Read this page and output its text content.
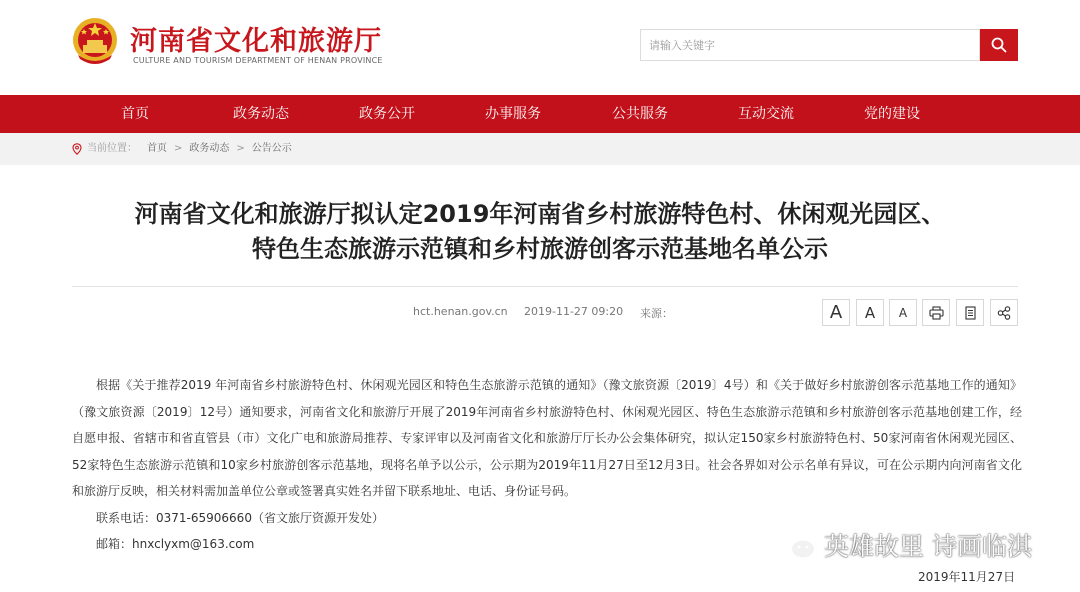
河南省文化和旅游厅
CULTURE AND TOURISM DEPARTMENT OF HENAN PROVINCE
请输入关键字
首页	政务动态	政务公开	办事服务	公共服务	互动交流	党的建设
当前位置： 首页 > 政务动态 > 公告公示
河南省文化和旅游厅拟认定2019年河南省乡村旅游特色村、休闲观光园区、
特色生态旅游示范镇和乡村旅游创客示范基地名单公示
hct.henan.gov.cn 2019-11-27 09:20 来源：	A	A	A

根据《关于推荐2019 年河南省乡村旅游特色村、休闲观光园区和特色生态旅游示范镇的通知》（豫文旅资源〔2019〕4号）和《关于做好乡村旅游创客示范基地工作的通知》（豫文旅资源〔2019〕12号）通知要求，河南省文化和旅游厅开展了2019年河南省乡村旅游特色村、休闲观光园区、特色生态旅游示范镇和乡村旅游创客示范基地创建工作，经自愿申报、省辖市和省直管县（市）文化广电和旅游局推荐、专家评审以及河南省文化和旅游厅厅长办公会集体研究，拟认定150家乡村旅游特色村、50家河南省休闲观光园区、52家特色生态旅游示范镇和10家乡村旅游创客示范基地，现将名单予以公示，公示期为2019年11月27日至12月3日。社会各界如对公示名单有异议，可在公示期内向河南省文化和旅游厅反映，相关材料需加盖单位公章或签署真实姓名并留下联系地址、电话、身份证号码。

联系电话：0371-65906660（省文旅厅资源开发处）
邮箱：hnxclyxm@163.com
2019年11月27日
英雄故里 诗画临淇
